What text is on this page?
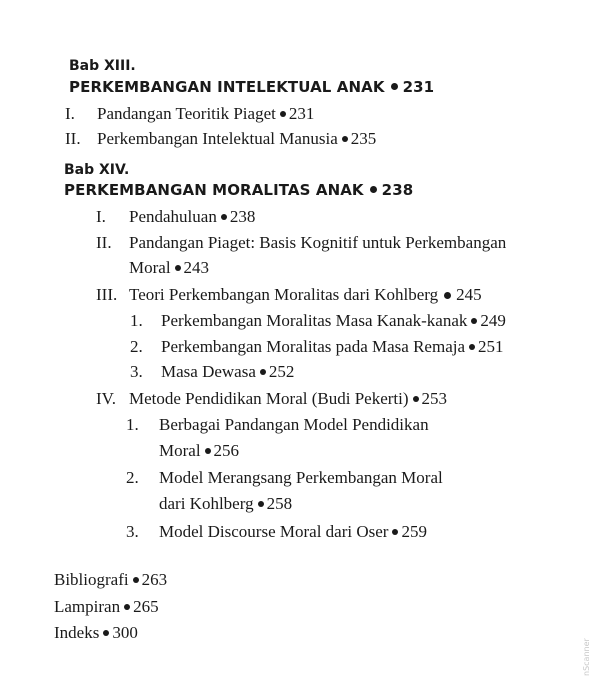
Bab XIII.
PERKEMBANGAN INTELEKTUAL ANAK 231
I. Pandangan Teoritik Piaget 231
II. Perkembangan Intelektual Manusia 235
Bab XIV.
PERKEMBANGAN MORALITAS ANAK 238
I. Pendahuluan 238
II. Pandangan Piaget: Basis Kognitif untuk Perkembangan
Moral 243
III. Teori Perkembangan Moralitas dari Kohlberg 245
1. Perkembangan Moralitas Masa Kanak-kanak 249
2. Perkembangan Moralitas pada Masa Remaja 251
3. Masa Dewasa 252
IV. Metode Pendidikan Moral (Budi Pekerti) 253
1. Berbagai Pandangan Model Pendidikan
Moral 256
2. Model Merangsang Perkembangan Moral
dari Kohlberg 258
3. Model Discourse Moral dari Oser 259
Bibliografi 263
Lampiran 265
Indeks 300
nScanner
